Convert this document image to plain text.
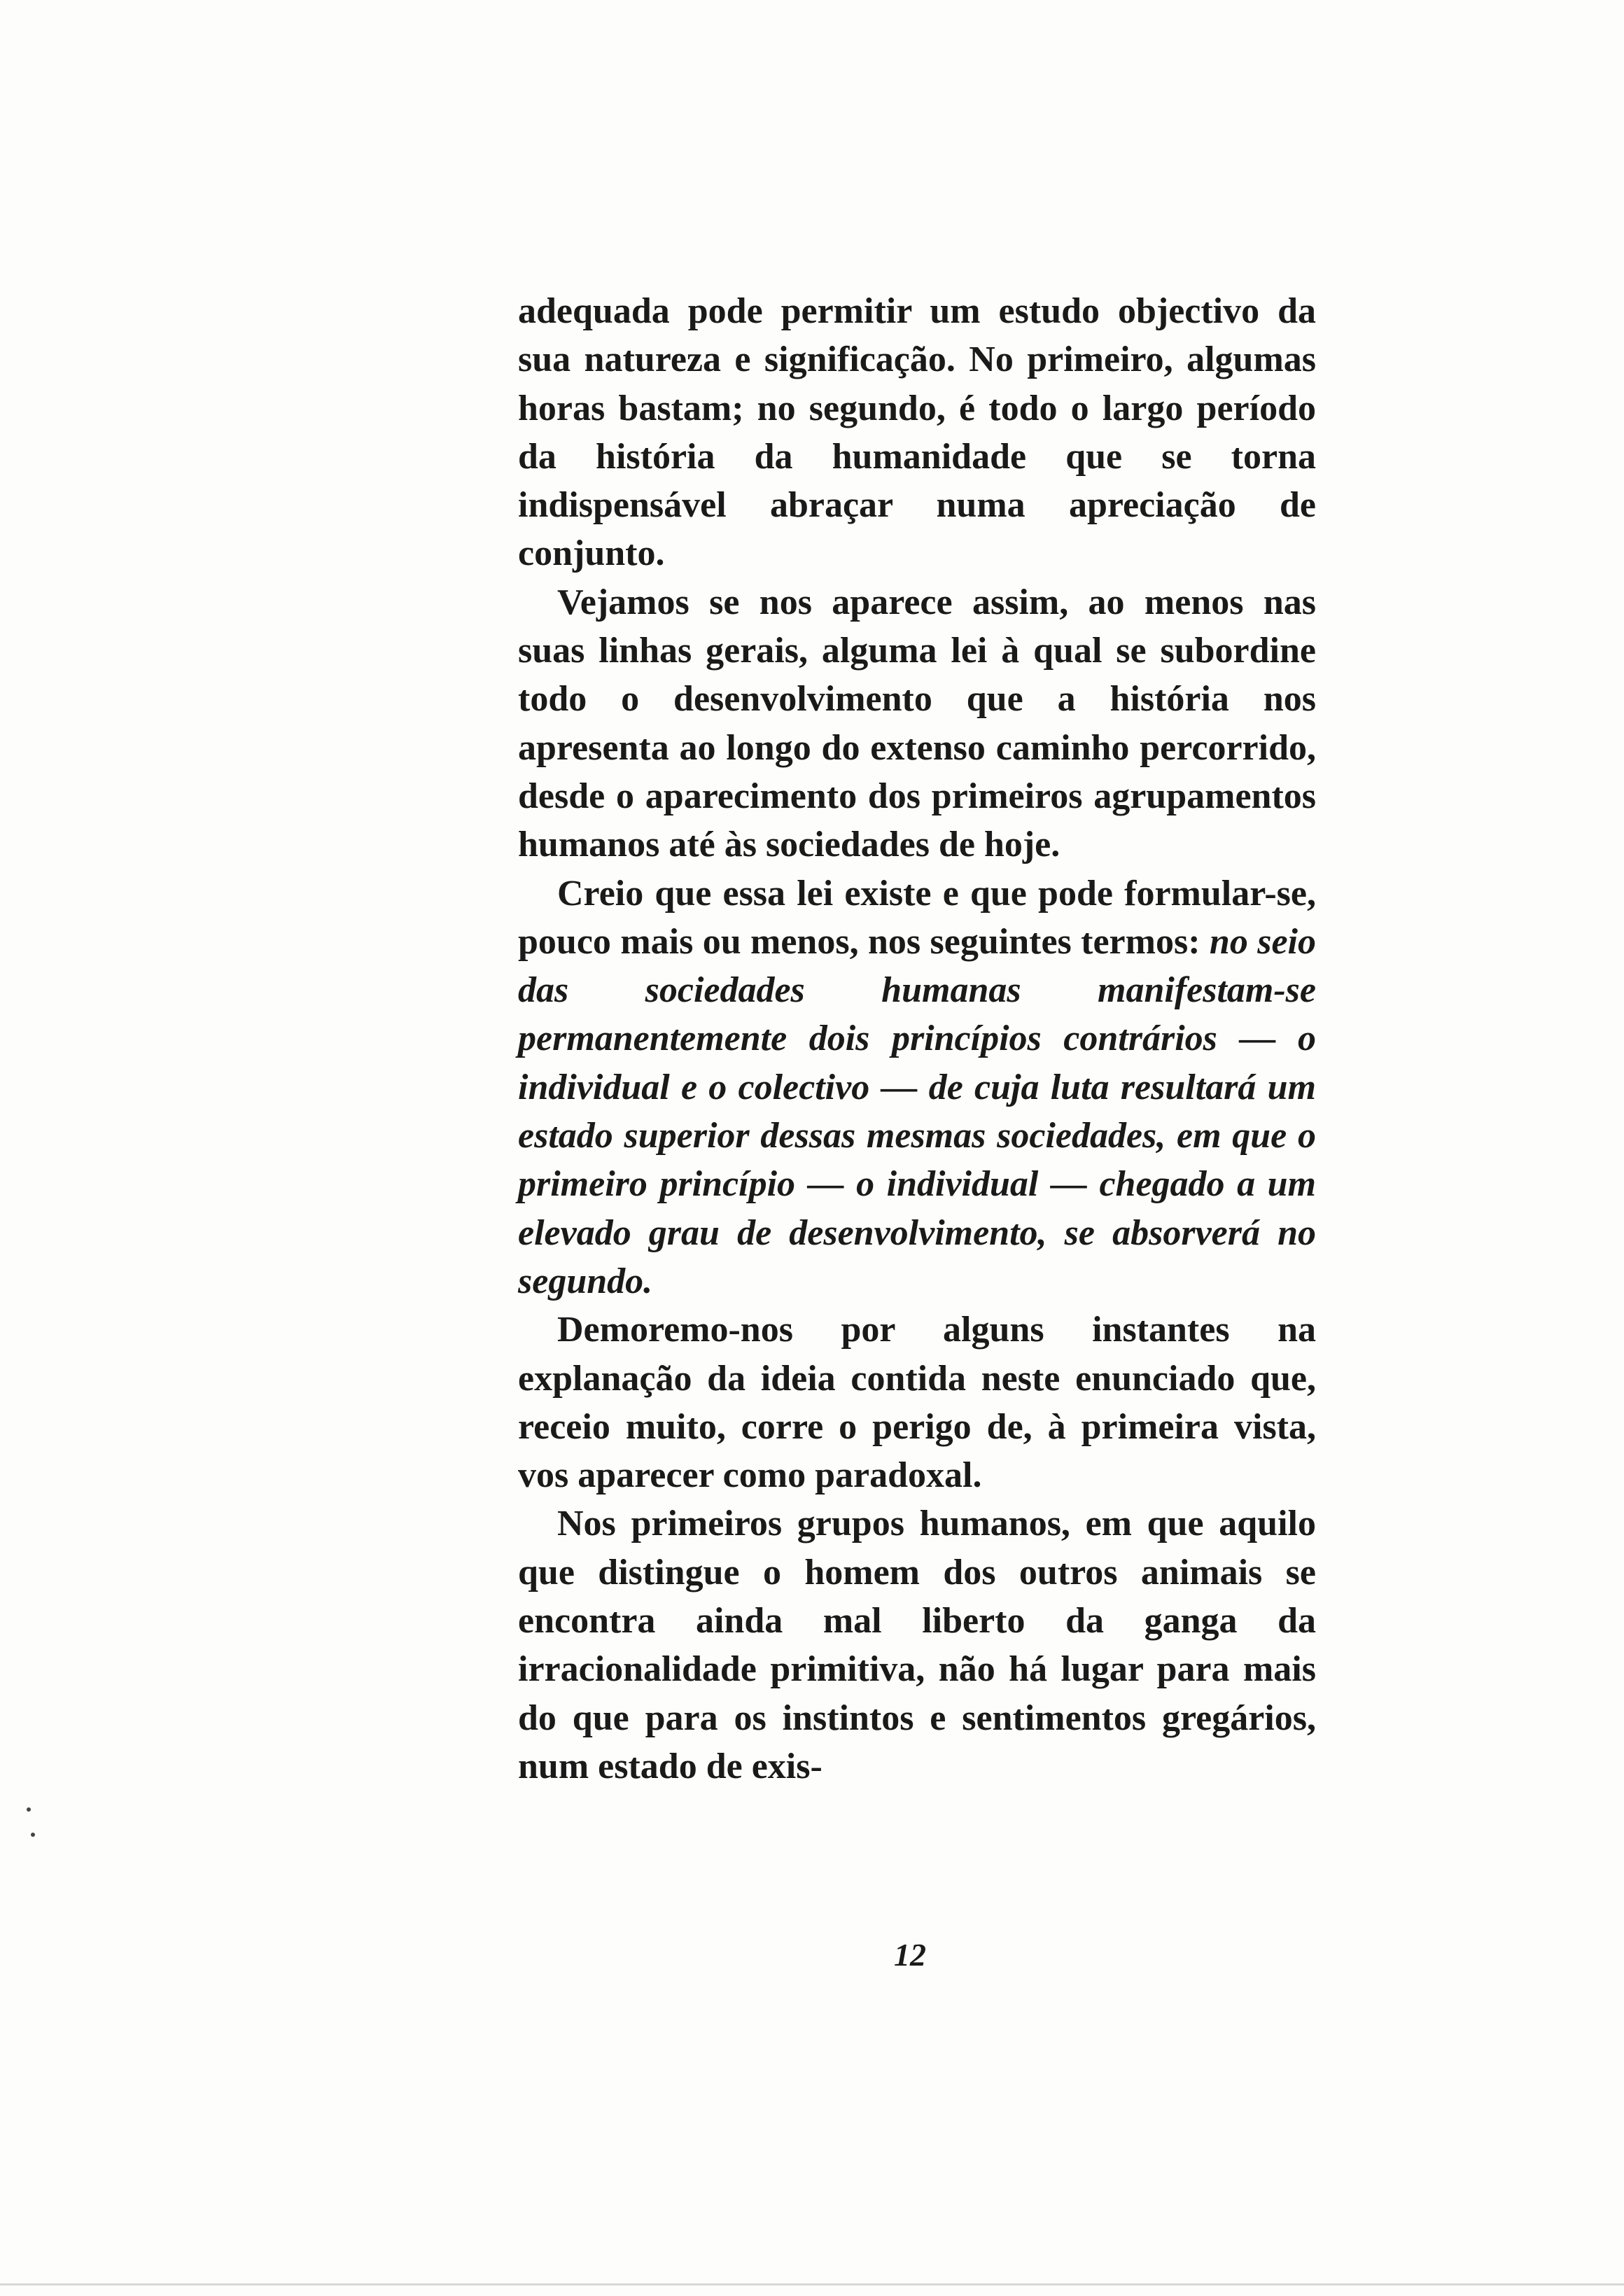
adequada pode permitir um estudo objectivo da sua natureza e significação. No primeiro, algumas horas bastam; no segundo, é todo o largo período da história da humanidade que se torna indispensável abraçar numa apreciação de conjunto.

Vejamos se nos aparece assim, ao menos nas suas linhas gerais, alguma lei à qual se subordine todo o desenvolvimento que a história nos apresenta ao longo do extenso caminho percorrido, desde o aparecimento dos primeiros agrupamentos humanos até às sociedades de hoje.

Creio que essa lei existe e que pode formular-se, pouco mais ou menos, nos seguintes termos: no seio das sociedades humanas manifestam-se permanentemente dois princípios contrários — o individual e o colectivo — de cuja luta resultará um estado superior dessas mesmas sociedades, em que o primeiro princípio — o individual — chegado a um elevado grau de desenvolvimento, se absorverá no segundo.

Demoremo-nos por alguns instantes na explanação da ideia contida neste enunciado que, receio muito, corre o perigo de, à primeira vista, vos aparecer como paradoxal.

Nos primeiros grupos humanos, em que aquilo que distingue o homem dos outros animais se encontra ainda mal liberto da ganga da irracionalidade primitiva, não há lugar para mais do que para os instintos e sentimentos gregários, num estado de exis-

12
